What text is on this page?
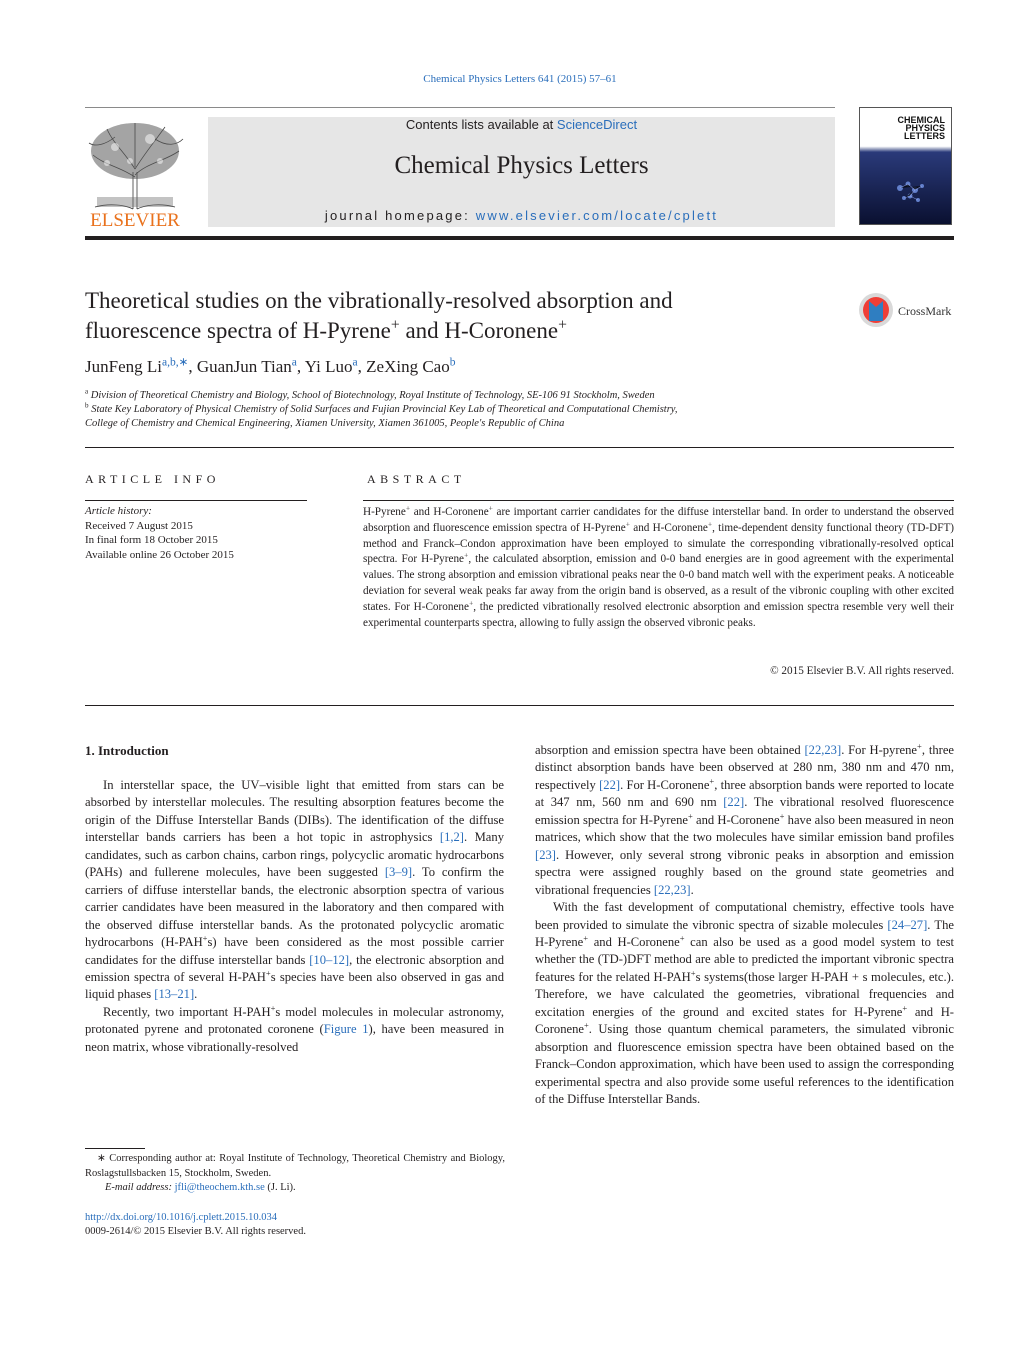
Chemical Physics Letters 641 (2015) 57–61
ELSEVIER
Contents lists available at ScienceDirect
Chemical Physics Letters
journal homepage: www.elsevier.com/locate/cplett
CHEMICAL
PHYSICS
LETTERS
Theoretical studies on the vibrationally-resolved absorption and
fluorescence spectra of H-Pyrene+ and H-Coronene+
CrossMark
JunFeng $Li^{a,b,∗}$, GuanJun Tian$^a$, Yi Luo$^a$, ZeXing Cao$^b$
$^a$ Division of Theoretical Chemistry and Biology, School of Biotechnology, Royal Institute of Technology, SE-106 91 Stockholm, Sweden
$^b$ State Key Laboratory of Physical Chemistry of Solid Surfaces and Fujian Provincial Key Lab of Theoretical and Computational Chemistry,
College of Chemistry and Chemical Engineering, Xiamen University, Xiamen 361005, People's Republic of China
ARTICLE INFO
Article history:
Received 7 August 2015
In final form 18 October 2015
Available online 26 October 2015
ABSTRACT
H-Pyrene+ and H-Coronene+ are important carrier candidates for the diffuse interstellar band. In order to understand the observed absorption and fluorescence emission spectra of H-Pyrene+ and H-Coronene+, time-dependent density functional theory (TD-DFT) method and Franck–Condon approximation have been employed to simulate the corresponding vibrationally-resolved optical spectra. For H-Pyrene+, the calculated absorption, emission and 0-0 band energies are in good agreement with the experimental values. The strong absorption and emission vibrational peaks near the 0-0 band match well with the experiment peaks. A noticeable deviation for several weak peaks far away from the origin band is observed, as a result of the vibronic coupling with other excited states. For H-Coronene+, the predicted vibrationally resolved electronic absorption and emission spectra resemble very well their experimental counterparts spectra, allowing to fully assign the observed vibronic peaks.
© 2015 Elsevier B.V. All rights reserved.
1. Introduction

In interstellar space, the UV–visible light that emitted from stars can be absorbed by interstellar molecules. The resulting absorption features become the origin of the Diffuse Interstellar Bands (DIBs). The identification of the diffuse interstellar bands carriers has been a hot topic in astrophysics [1,2]. Many candidates, such as carbon chains, carbon rings, polycyclic aromatic hydrocarbons (PAHs) and fullerene molecules, have been suggested [3–9]. To confirm the carriers of diffuse interstellar bands, the electronic absorption spectra of various carrier candidates have been measured in the laboratory and then compared with the observed diffuse interstellar bands. As the protonated polycyclic aromatic hydrocarbons (H-PAH+s) have been considered as the most possible carrier candidates for the diffuse interstellar bands [10–12], the electronic absorption and emission spectra of several H-PAH+s species have been also observed in gas and liquid phases [13–21].

Recently, two important H-PAH+s model molecules in molecular astronomy, protonated pyrene and protonated coronene (Figure 1), have been measured in neon matrix, whose vibrationally-resolved

absorption and emission spectra have been obtained [22,23]. For H-pyrene+, three distinct absorption bands have been observed at 280 nm, 380 nm and 470 nm, respectively [22]. For H-Coronene+, three absorption bands were reported to locate at 347 nm, 560 nm and 690 nm [22]. The vibrational resolved fluorescence emission spectra for H-Pyrene+ and H-Coronene+ have also been measured in neon matrices, which show that the two molecules have similar emission band profiles [23]. However, only several strong vibronic peaks in absorption and emission spectra were assigned roughly based on the ground state geometries and vibrational frequencies [22,23].

With the fast development of computational chemistry, effective tools have been provided to simulate the vibronic spectra of sizable molecules [24–27]. The H-Pyrene+ and H-Coronene+ can also be used as a good model system to test whether the (TD-)DFT method are able to predicted the important vibronic spectra features for the related H-PAH+s systems(those larger H-PAH + s molecules, etc.). Therefore, we have calculated the geometries, vibrational frequencies and excitation energies of the ground and excited states for H-Pyrene+ and H-Coronene+. Using those quantum chemical parameters, the simulated vibronic absorption and fluorescence emission spectra have been obtained based on the Franck–Condon approximation, which have been used to assign the corresponding experimental spectra and also provide some useful references to the identification of the Diffuse Interstellar Bands.

∗ Corresponding author at: Royal Institute of Technology, Theoretical Chemistry and Biology, Roslagstullsbacken 15, Stockholm, Sweden.
E-mail address: jfli@theochem.kth.se (J. Li).
http://dx.doi.org/10.1016/j.cplett.2015.10.034
0009-2614/© 2015 Elsevier B.V. All rights reserved.
